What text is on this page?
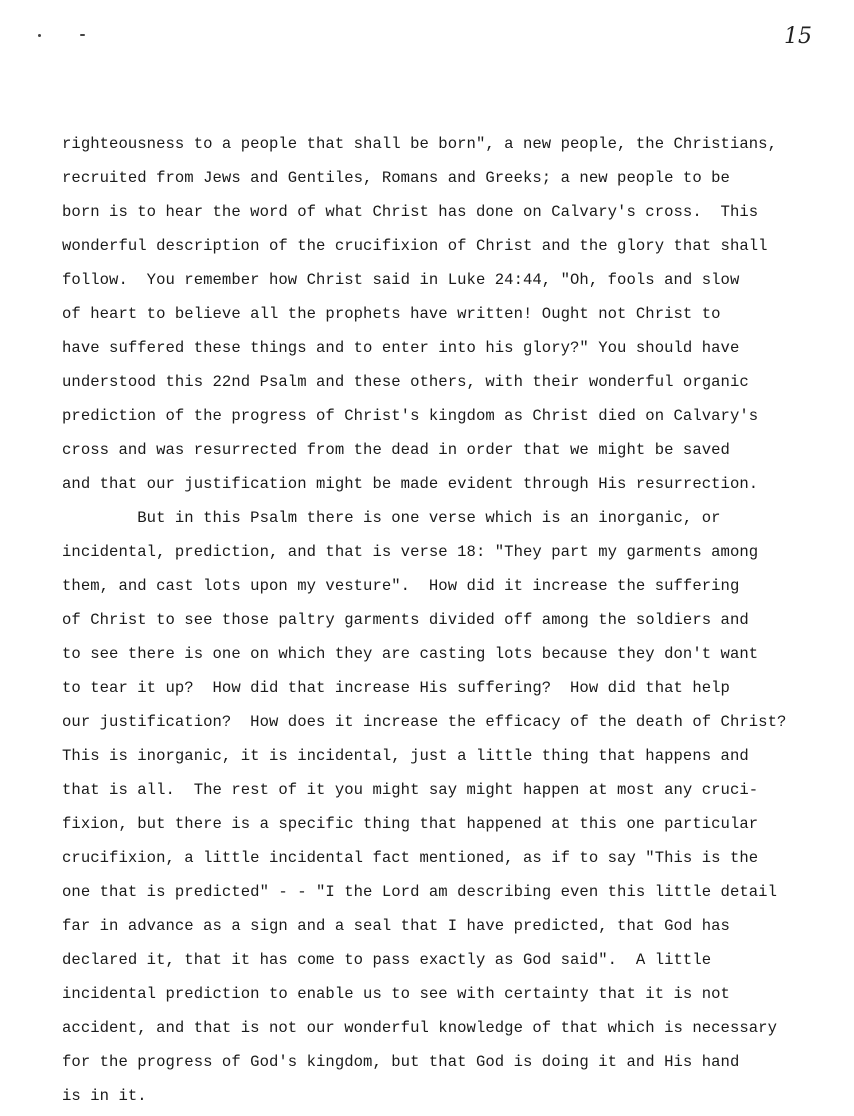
15
righteousness to a people that shall be born", a new people, the Christians,
recruited from Jews and Gentiles, Romans and Greeks; a new people to be
born is to hear the word of what Christ has done on Calvary's cross.  This
wonderful description of the crucifixion of Christ and the glory that shall
follow.  You remember how Christ said in Luke 24:44, "Oh, fools and slow
of heart to believe all the prophets have written! Ought not Christ to
have suffered these things and to enter into his glory?" You should have
understood this 22nd Psalm and these others, with their wonderful organic
prediction of the progress of Christ's kingdom as Christ died on Calvary's
cross and was resurrected from the dead in order that we might be saved
and that our justification might be made evident through His resurrection.
But in this Psalm there is one verse which is an inorganic, or
incidental, prediction, and that is verse 18: "They part my garments among
them, and cast lots upon my vesture".  How did it increase the suffering
of Christ to see those paltry garments divided off among the soldiers and
to see there is one on which they are casting lots because they don't want
to tear it up?  How did that increase His suffering?  How did that help
our justification?  How does it increase the efficacy of the death of Christ?
This is inorganic, it is incidental, just a little thing that happens and
that is all.  The rest of it you might say might happen at most any cruci-
fixion, but there is a specific thing that happened at this one particular
crucifixion, a little incidental fact mentioned, as if to say "This is the
one that is predicted" - - "I the Lord am describing even this little detail
far in advance as a sign and a seal that I have predicted, that God has
declared it, that it has come to pass exactly as God said".  A little
incidental prediction to enable us to see with certainty that it is not
accident, and that is not our wonderful knowledge of that which is necessary
for the progress of God's kingdom, but that God is doing it and His hand
is in it.
